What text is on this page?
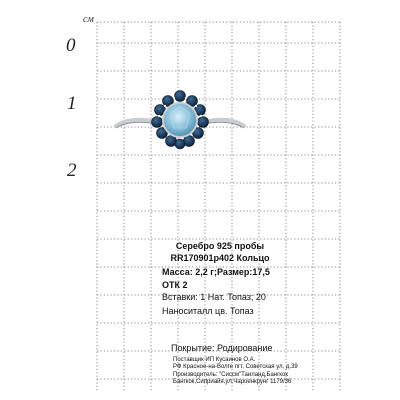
см
0
1
2
Серебро 925 пробы
RR170901p402 Кольцо
Масса: 2,2 г;Размер:17,5
ОТК 2
Вставки: 1 Нат. Топаз; 20
Наноситалл цв. Топаз
Покрытие: Родирование
Поставщик ИП Кусаинов О.А.
РФ Красное-на-Волге пгт, Советская ул, д.39
Производитель: "Сиссм"Таиланд,Бангкок
Бангкок,Сиприайя,ул.Чароенкрунг 1179/36
